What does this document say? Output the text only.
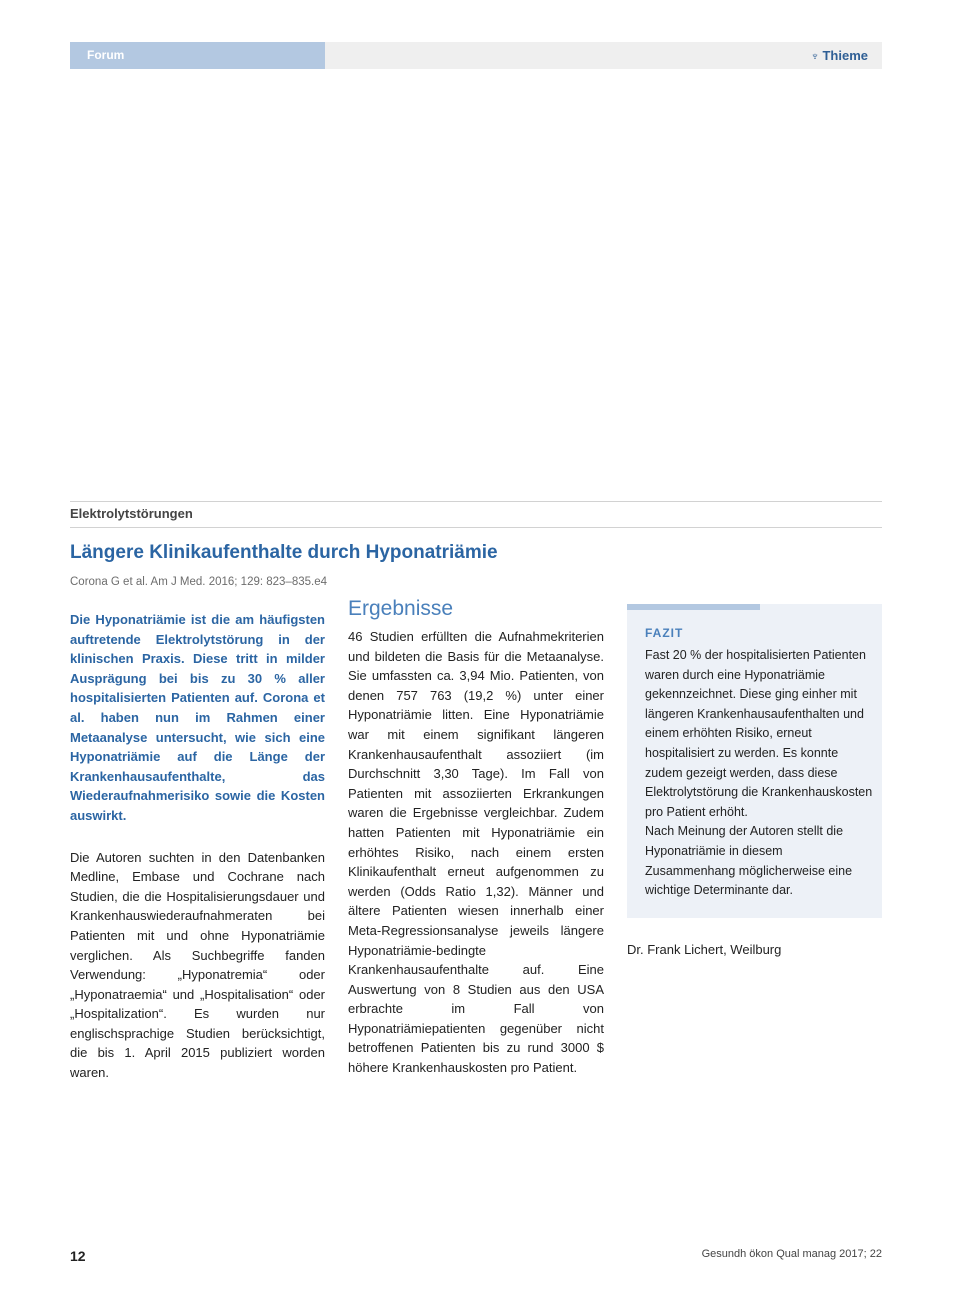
Forum	♆ Thieme
Elektrolytstörungen
Längere Klinikaufenthalte durch Hyponatriämie
Corona G et al. Am J Med. 2016; 129: 823–835.e4

Die Hyponatriämie ist die am häufigsten auftretende Elektrolytstörung in der klinischen Praxis. Diese tritt in milder Ausprägung bei bis zu 30 % aller hospitalisierten Patienten auf. Corona et al. haben nun im Rahmen einer Metaanalyse untersucht, wie sich eine Hyponatriämie auf die Länge der Krankenhausaufenthalte, das Wiederaufnahmerisiko sowie die Kosten auswirkt.

Die Autoren suchten in den Datenbanken Medline, Embase und Cochrane nach Studien, die die Hospitalisierungsdauer und Krankenhauswiederaufnahmeraten bei Patienten mit und ohne Hyponatriämie verglichen. Als Suchbegriffe fanden Verwendung: „Hyponatremia“ oder „Hyponatraemia“ und „Hospitalisation“ oder „Hospitalization“. Es wurden nur englischsprachige Studien berücksichtigt, die bis 1. April 2015 publiziert worden waren.

Ergebnisse

46 Studien erfüllten die Aufnahmekriterien und bildeten die Basis für die Metaanalyse. Sie umfassten ca. 3,94 Mio. Patienten, von denen 757 763 (19,2 %) unter einer Hyponatriämie litten. Eine Hyponatriämie war mit einem signifikant längeren Krankenhausaufenthalt assoziiert (im Durchschnitt 3,30 Tage). Im Fall von Patienten mit assoziierten Erkrankungen waren die Ergebnisse vergleichbar. Zudem hatten Patienten mit Hyponatriämie ein erhöhtes Risiko, nach einem ersten Klinikaufenthalt erneut aufgenommen zu werden (Odds Ratio 1,32). Männer und ältere Patienten wiesen innerhalb einer Meta-Regressionsanalyse jeweils längere Hyponatriämie-bedingte Krankenhausaufenthalte auf. Eine Auswertung von 8 Studien aus den USA erbrachte im Fall von Hyponatriämiepatienten gegenüber nicht betroffenen Patienten bis zu rund 3000 $ höhere Krankenhauskosten pro Patient.

FAZIT

Fast 20 % der hospitalisierten Patienten waren durch eine Hyponatriämie gekennzeichnet. Diese ging einher mit längeren Krankenhausaufenthalten und einem erhöhten Risiko, erneut hospitalisiert zu werden. Es konnte zudem gezeigt werden, dass diese Elektrolytstörung die Krankenhauskosten pro Patient erhöht.

Nach Meinung der Autoren stellt die Hyponatriämie in diesem Zusammenhang möglicherweise eine wichtige Determinante dar.

Dr. Frank Lichert, Weilburg
12	Gesundh ökon Qual manag 2017; 22
